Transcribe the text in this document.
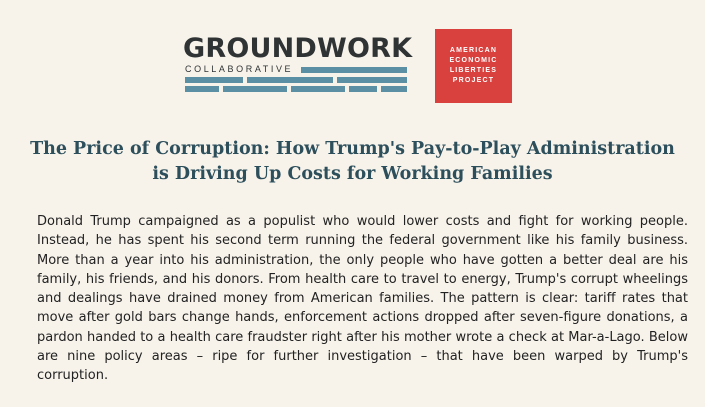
GROUNDWORK
COLLABORATIVE
AMERICAN
ECONOMIC
LIBERTIES
PROJECT
The Price of Corruption: How Trump's Pay-to-Play Administration is Driving Up Costs for Working Families

Donald Trump campaigned as a populist who would lower costs and fight for working people. Instead, he has spent his second term running the federal government like his family business. More than a year into his administration, the only people who have gotten a better deal are his family, his friends, and his donors. From health care to travel to energy, Trump's corrupt wheelings and dealings have drained money from American families. The pattern is clear: tariff rates that move after gold bars change hands, enforcement actions dropped after seven-figure donations, a pardon handed to a health care fraudster right after his mother wrote a check at Mar-a-Lago. Below are nine policy areas – ripe for further investigation – that have been warped by Trump's corruption.
